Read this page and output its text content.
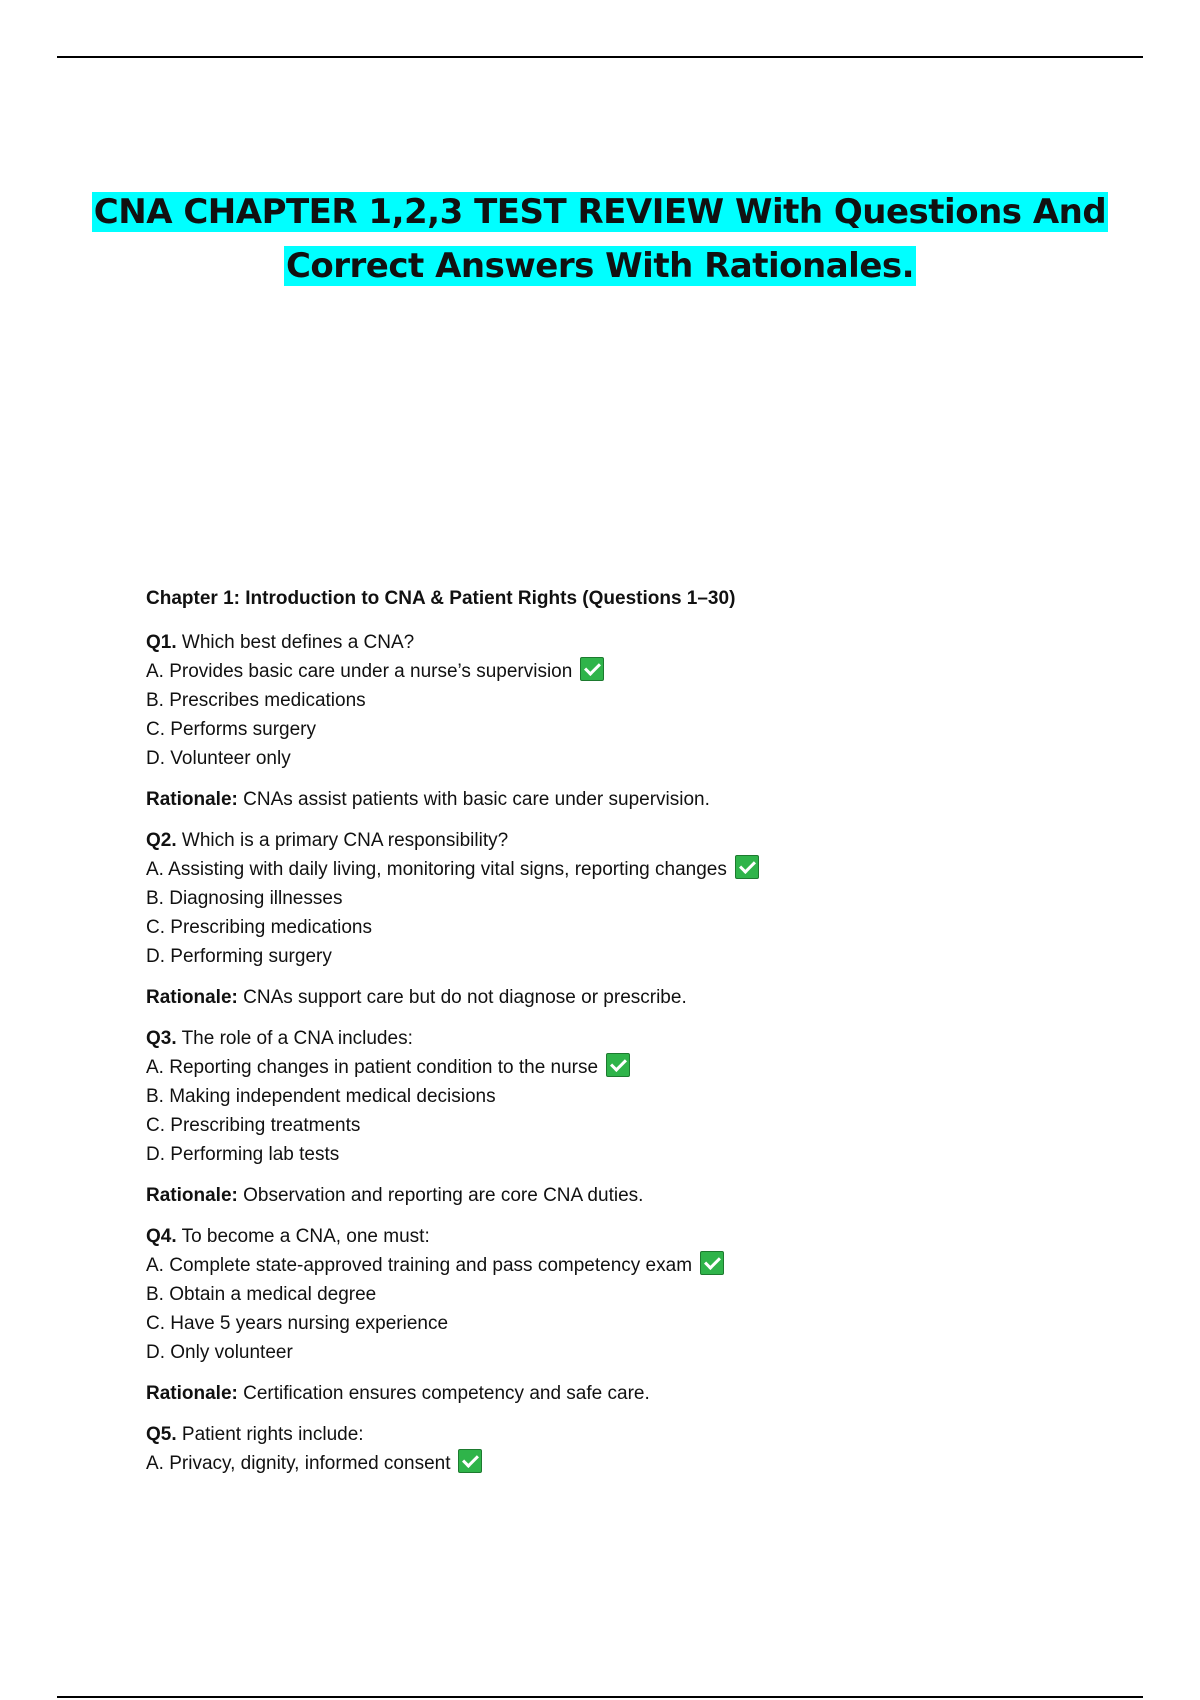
CNA CHAPTER 1,2,3 TEST REVIEW With Questions And
Correct Answers With Rationales.
Chapter 1: Introduction to CNA & Patient Rights (Questions 1–30)
Q1. Which best defines a CNA?
A. Provides basic care under a nurse’s supervision
B. Prescribes medications
C. Performs surgery
D. Volunteer only
Rationale: CNAs assist patients with basic care under supervision.
Q2. Which is a primary CNA responsibility?
A. Assisting with daily living, monitoring vital signs, reporting changes
B. Diagnosing illnesses
C. Prescribing medications
D. Performing surgery
Rationale: CNAs support care but do not diagnose or prescribe.
Q3. The role of a CNA includes:
A. Reporting changes in patient condition to the nurse
B. Making independent medical decisions
C. Prescribing treatments
D. Performing lab tests
Rationale: Observation and reporting are core CNA duties.
Q4. To become a CNA, one must:
A. Complete state-approved training and pass competency exam
B. Obtain a medical degree
C. Have 5 years nursing experience
D. Only volunteer
Rationale: Certification ensures competency and safe care.
Q5. Patient rights include:
A. Privacy, dignity, informed consent
